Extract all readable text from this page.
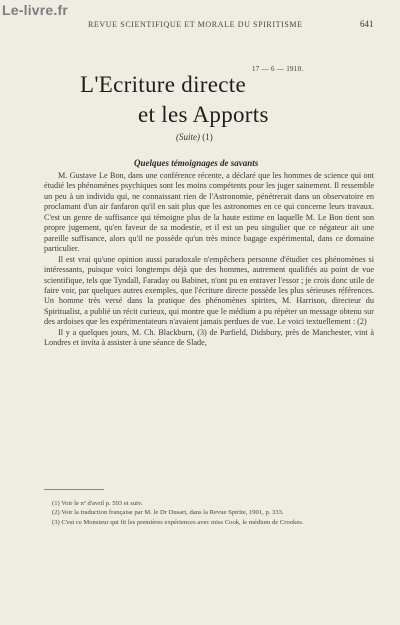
Le-livre.fr
REVUE SCIENTIFIQUE ET MORALE DU SPIRITISME	641
17 — 6 — 1910.
L'Ecriture directe
et les Apports
(Suite) (1)
Quelques témoignages de savants

M. Gustave Le Bon, dans une conférence récente, a déclaré que les hommes de science qui ont étudié les phénomènes psychiques sont les moins compétents pour les juger sainement. Il ressemble un peu à un individu qui, ne connaissant rien de l'Astronomie, pénétrerait dans un observatoire en proclamant d'un air fanfaron qu'il en sait plus que les astronomes en ce qui concerne leurs travaux. C'est un genre de suffisance qui témoigne plus de la haute estime en laquelle M. Le Bon tient son propre jugement, qu'en faveur de sa modestie, et il est un peu singulier que ce négateur ait une pareille suffisance, alors qu'il ne possède qu'un très mince bagage expérimental, dans ce domaine particulier.

Il est vrai qu'une opinion aussi paradoxale n'empêchera personne d'étudier ces phénomènes si intéressants, puisque voici longtemps déjà que des hommes, autrement qualifiés au point de vue scientifique, tels que Tyndall, Faraday ou Babinet, n'ont pu en entraver l'essor ; je crois donc utile de faire voir, par quelques autres exemples, que l'écriture directe possède les plus sérieuses références. Un homme très versé dans la pratique des phénomènes spirites, M. Harrison, directeur du Spiritualist, a publié un récit curieux, qui montre que le médium a pu répéter un message obtenu sur des ardoises que les expérimentateurs n'avaient jamais perdues de vue. Le voici textuellement : (2)

Il y a quelques jours, M. Ch. Blackburn, (3) de Parfield, Didsbury, près de Manchester, vint à Londres et invita à assister à une séance de Slade,

(1) Voir le nº d'avril p. 593 et suiv.
(2) Voir la traduction française par M. le Dr Dusart, dans la Revue Spirite, 1901, p. 333.
(3) C'est ce Monsieur qui fit les premières expériences avec miss Cook, le médium de Crookes.
